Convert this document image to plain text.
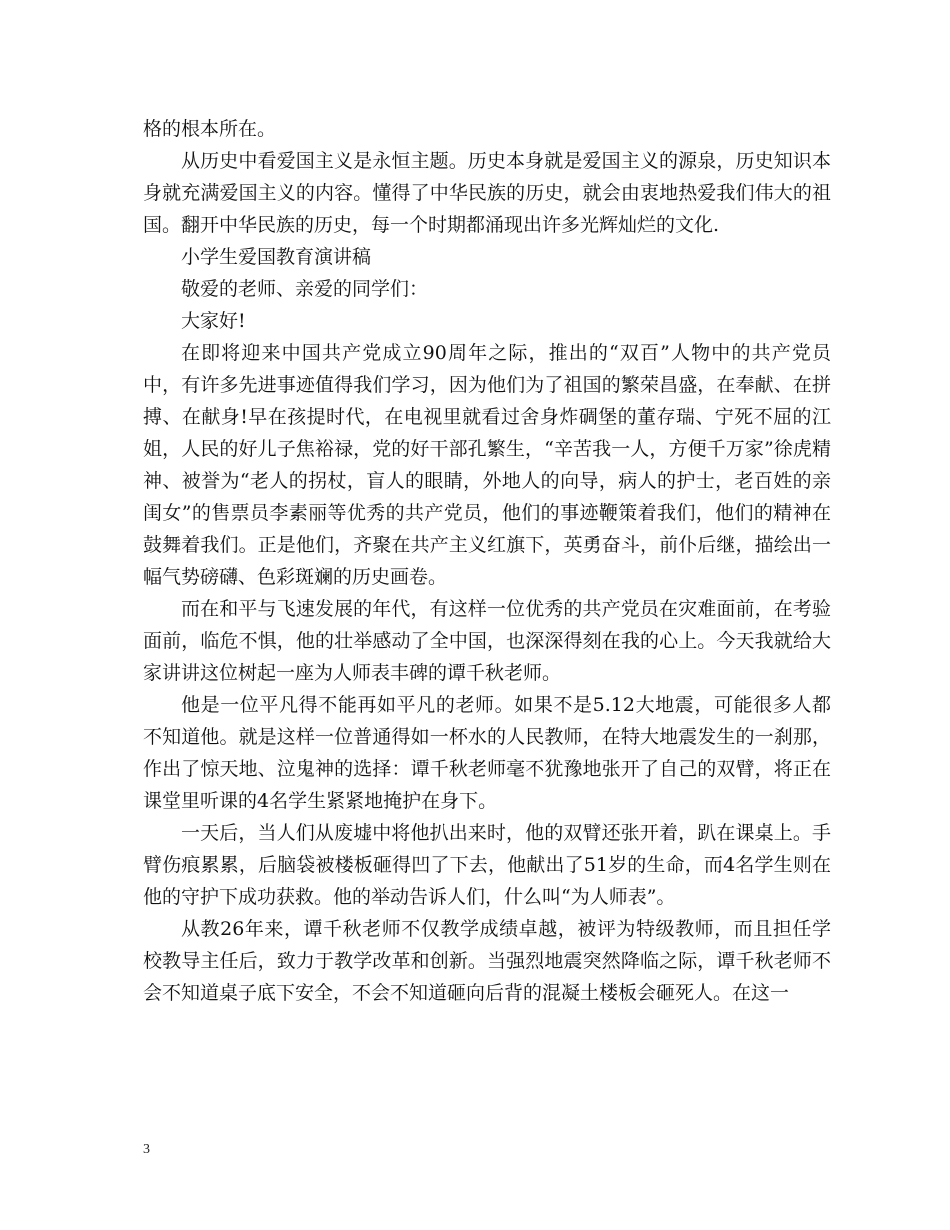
格的根本所在。

从历史中看爱国主义是永恒主题。历史本身就是爱国主义的源泉，历史知识本身就充满爱国主义的内容。懂得了中华民族的历史，就会由衷地热爱我们伟大的祖国。翻开中华民族的历史，每一个时期都涌现出许多光辉灿烂的文化.

小学生爱国教育演讲稿

敬爱的老师、亲爱的同学们：

大家好!

在即将迎来中国共产党成立90周年之际，推出的“双百”人物中的共产党员中，有许多先进事迹值得我们学习，因为他们为了祖国的繁荣昌盛，在奉献、在拼搏、在献身!早在孩提时代，在电视里就看过舍身炸碉堡的董存瑞、宁死不屈的江姐，人民的好儿子焦裕禄，党的好干部孔繁生，“辛苦我一人，方便千万家”徐虎精神、被誉为“老人的拐杖，盲人的眼睛，外地人的向导，病人的护士，老百姓的亲闺女”的售票员李素丽等优秀的共产党员，他们的事迹鞭策着我们，他们的精神在鼓舞着我们。正是他们，齐聚在共产主义红旗下，英勇奋斗，前仆后继，描绘出一幅气势磅礴、色彩斑斓的历史画卷。

而在和平与飞速发展的年代，有这样一位优秀的共产党员在灾难面前，在考验面前，临危不惧，他的壮举感动了全中国，也深深得刻在我的心上。今天我就给大家讲讲这位树起一座为人师表丰碑的谭千秋老师。

他是一位平凡得不能再如平凡的老师。如果不是5.12大地震，可能很多人都不知道他。就是这样一位普通得如一杯水的人民教师，在特大地震发生的一刹那，作出了惊天地、泣鬼神的选择：谭千秋老师毫不犹豫地张开了自己的双臂，将正在课堂里听课的4名学生紧紧地掩护在身下。

一天后，当人们从废墟中将他扒出来时，他的双臂还张开着，趴在课桌上。手臂伤痕累累，后脑袋被楼板砸得凹了下去，他献出了51岁的生命，而4名学生则在他的守护下成功获救。他的举动告诉人们，什么叫“为人师表”。

从教26年来，谭千秋老师不仅教学成绩卓越，被评为特级教师，而且担任学校教导主任后，致力于教学改革和创新。当强烈地震突然降临之际，谭千秋老师不会不知道桌子底下安全，不会不知道砸向后背的混凝土楼板会砸死人。在这一

3
